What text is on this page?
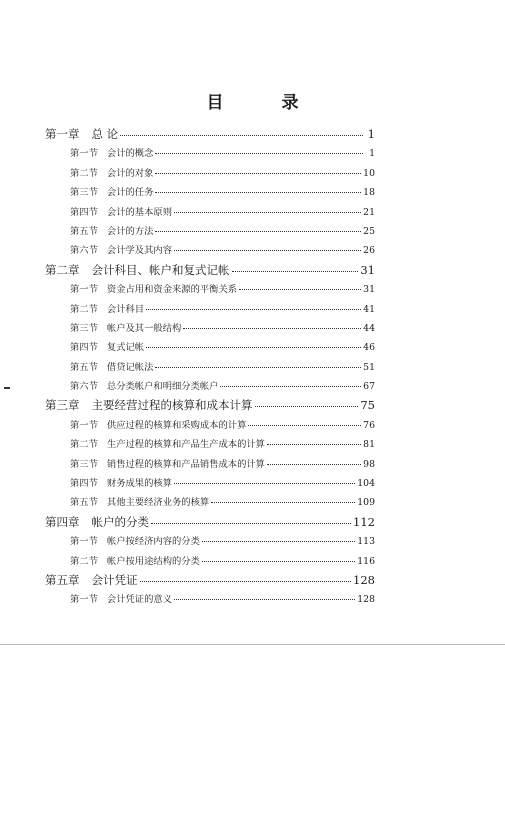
目 录
第一章 总 论	1
第一节 会计的概念	1
第二节 会计的对象	10
第三节 会计的任务	18
第四节 会计的基本原则	21
第五节 会计的方法	25
第六节 会计学及其内容	26
第二章 会计科目、帐户和复式记帐	31
第一节 资金占用和资金来源的平衡关系	31
第二节 会计科目	41
第三节 帐户及其一般结构	44
第四节 复式记帐	46
第五节 借贷记帐法	51
第六节 总分类帐户和明细分类帐户	67
第三章 主要经营过程的核算和成本计算	75
第一节 供应过程的核算和采购成本的计算	76
第二节 生产过程的核算和产品生产成本的计算	81
第三节 销售过程的核算和产品销售成本的计算	98
第四节 财务成果的核算	104
第五节 其他主要经济业务的核算	109
第四章 帐户的分类	112
第一节 帐户按经济内容的分类	113
第二节 帐户按用途结构的分类	116
第五章 会计凭证	128
第一节 会计凭证的意义	128
